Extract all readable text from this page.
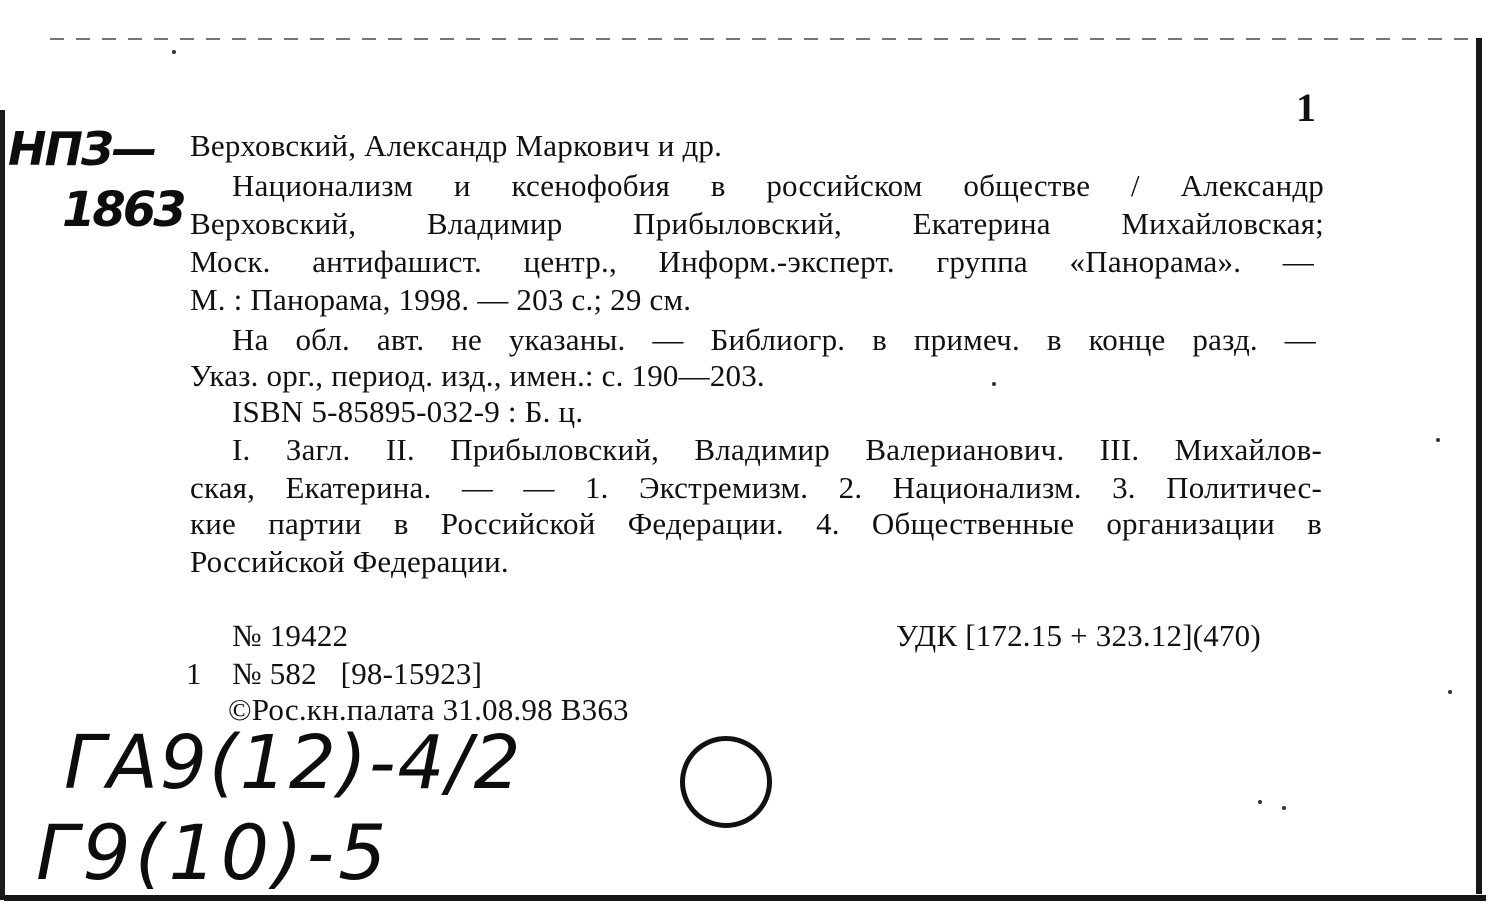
1
НПЗ—
1863
Верховский, Александр Маркович и др.
Национализм и ксенофобия в российском обществе / Александр
Верховский, Владимир Прибыловский, Екатерина Михайловская;
Моск. антифашист. центр., Информ.-эксперт. группа «Панорама». —
М. : Панорама, 1998. — 203 с.; 29 см.
На обл. авт. не указаны. — Библиогр. в примеч. в конце разд. —
Указ. орг., период. изд., имен.: с. 190—203.
ISBN 5-85895-032-9 : Б. ц.
I. Загл. II. Прибыловский, Владимир Валерианович. III. Михайлов-
ская, Екатерина. — — 1. Экстремизм. 2. Национализм. 3. Политичес-
кие партии в Российской Федерации. 4. Общественные организации в
Российской Федерации.
№ 19422	УДК [172.15 + 323.12](470)
1 № 582   [98-15923]
©Рос.кн.палата 31.08.98 В363
ГА9(12)-4/2
Г9(10)-5
